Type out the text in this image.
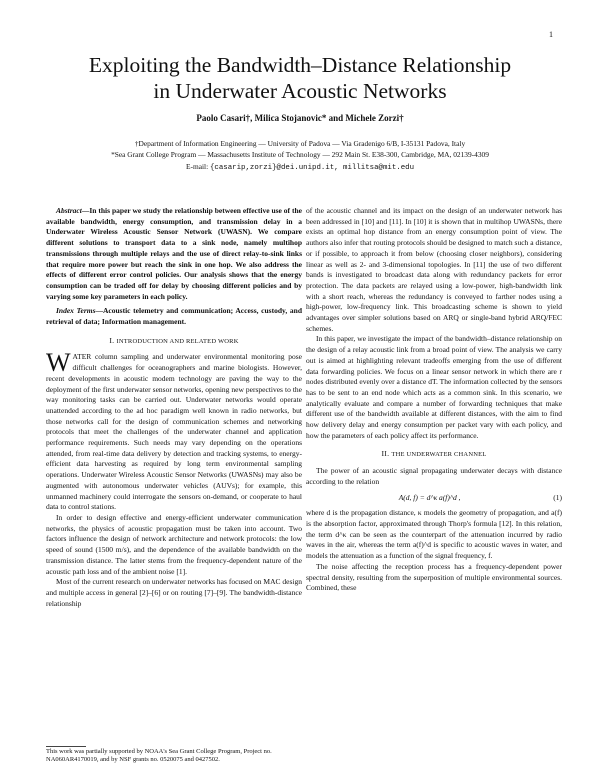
1
Exploiting the Bandwidth–Distance Relationship
in Underwater Acoustic Networks
Paolo Casari†, Milica Stojanovic* and Michele Zorzi†
†Department of Information Engineering — University of Padova — Via Gradenigo 6/B, I-35131 Padova, Italy
*Sea Grant College Program — Massachusetts Institute of Technology — 292 Main St. E38-300, Cambridge, MA, 02139-4309
E-mail: {casarip,zorzi}@dei.unipd.it, millitsa@mit.edu

Abstract—In this paper we study the relationship between effective use of the available bandwidth, energy consumption, and transmission delay in a Underwater Wireless Acoustic Sensor Network (UWASN). We compare different solutions to transport data to a sink node, namely multihop transmissions through multiple relays and the use of direct relay-to-sink links that require more power but reach the sink in one hop. We also address the effects of different error control policies. Our analysis shows that the energy consumption can be traded off for delay by choosing different policies and by varying some key parameters in each policy.

Index Terms—Acoustic telemetry and communication; Access, custody, and retrieval of data; Information management.

I. INTRODUCTION AND RELATED WORK

WATER column sampling and underwater environmental monitoring pose difficult challenges for oceanographers and marine biologists. However, recent developments in acoustic modem technology are paving the way to the deployment of the first underwater sensor networks, opening new perspectives to the way monitoring tasks can be carried out. Underwater networks would operate unattended according to the ad hoc paradigm well known in radio networks, but those networks call for the design of communication schemes and networking protocols that meet the challenges of the underwater channel and application performance requirements. Such needs may vary depending on the operations attended, from real-time data delivery by detection and tracking systems, to energy-efficient data harvesting as required by long term environmental sampling operations. Underwater Wireless Acoustic Sensor Networks (UWASNs) may also be augmented with autonomous underwater vehicles (AUVs); for example, this unmanned machinery could interrogate the sensors on-demand, or cooperate to haul data to control stations.

In order to design effective and energy-efficient underwater communication networks, the physics of acoustic propagation must be taken into account. Two factors influence the design of network architecture and network protocols: the low speed of sound (1500 m/s), and the dependence of the available bandwidth on the transmission distance. The latter stems from the frequency-dependent nature of the acoustic path loss and of the ambient noise [1].

Most of the current research on underwater networks has focused on MAC design and multiple access in general [2]–[6] or on routing [7]–[9]. The bandwidth-distance relationship

This work was partially supported by NOAA's Sea Grant College Program, Project no. NA060AR4170019, and by NSF grants no. 0520075 and 0427502.

of the acoustic channel and its impact on the design of an underwater network has been addressed in [10] and [11]. In [10] it is shown that in multihop UWASNs, there exists an optimal hop distance from an energy consumption point of view. The authors also infer that routing protocols should be designed to match such a distance, or if possible, to approach it from below (choosing closer neighbors), considering linear as well as 2- and 3-dimensional topologies. In [11] the use of two different bands is investigated to broadcast data along with redundancy packets for error protection. The data packets are relayed using a low-power, high-bandwidth link with a short reach, whereas the redundancy is conveyed to farther nodes using a high-power, low-frequency link. This broadcasting scheme is shown to yield advantages over simpler solutions based on ARQ or single-band hybrid ARQ/FEC schemes.

In this paper, we investigate the impact of the bandwidth–distance relationship on the design of a relay acoustic link from a broad point of view. The analysis we carry out is aimed at highlighting relevant tradeoffs emerging from the use of different data forwarding policies. We focus on a linear sensor network in which there are r nodes distributed evenly over a distance dT. The information collected by the sensors has to be sent to an end node which acts as a common sink. In this scenario, we analytically evaluate and compare a number of forwarding techniques that make different use of the bandwidth available at different distances, with the aim to find how delivery delay and energy consumption per packet vary with each policy, and how the parameters of each policy affect its performance.

II. THE UNDERWATER CHANNEL

The power of an acoustic signal propagating underwater decays with distance according to the relation

A(d, f) = d^κ a(f)^d ,	(1)

where d is the propagation distance, κ models the geometry of propagation, and a(f) is the absorption factor, approximated through Thorp's formula [12]. In this relation, the term d^κ can be seen as the counterpart of the attenuation incurred by radio waves in the air, whereas the term a(f)^d is specific to acoustic waves in water, and models the attenuation as a function of the signal frequency, f.

The noise affecting the reception process has a frequency-dependent power spectral density, resulting from the superposition of multiple environmental sources. Combined, these
